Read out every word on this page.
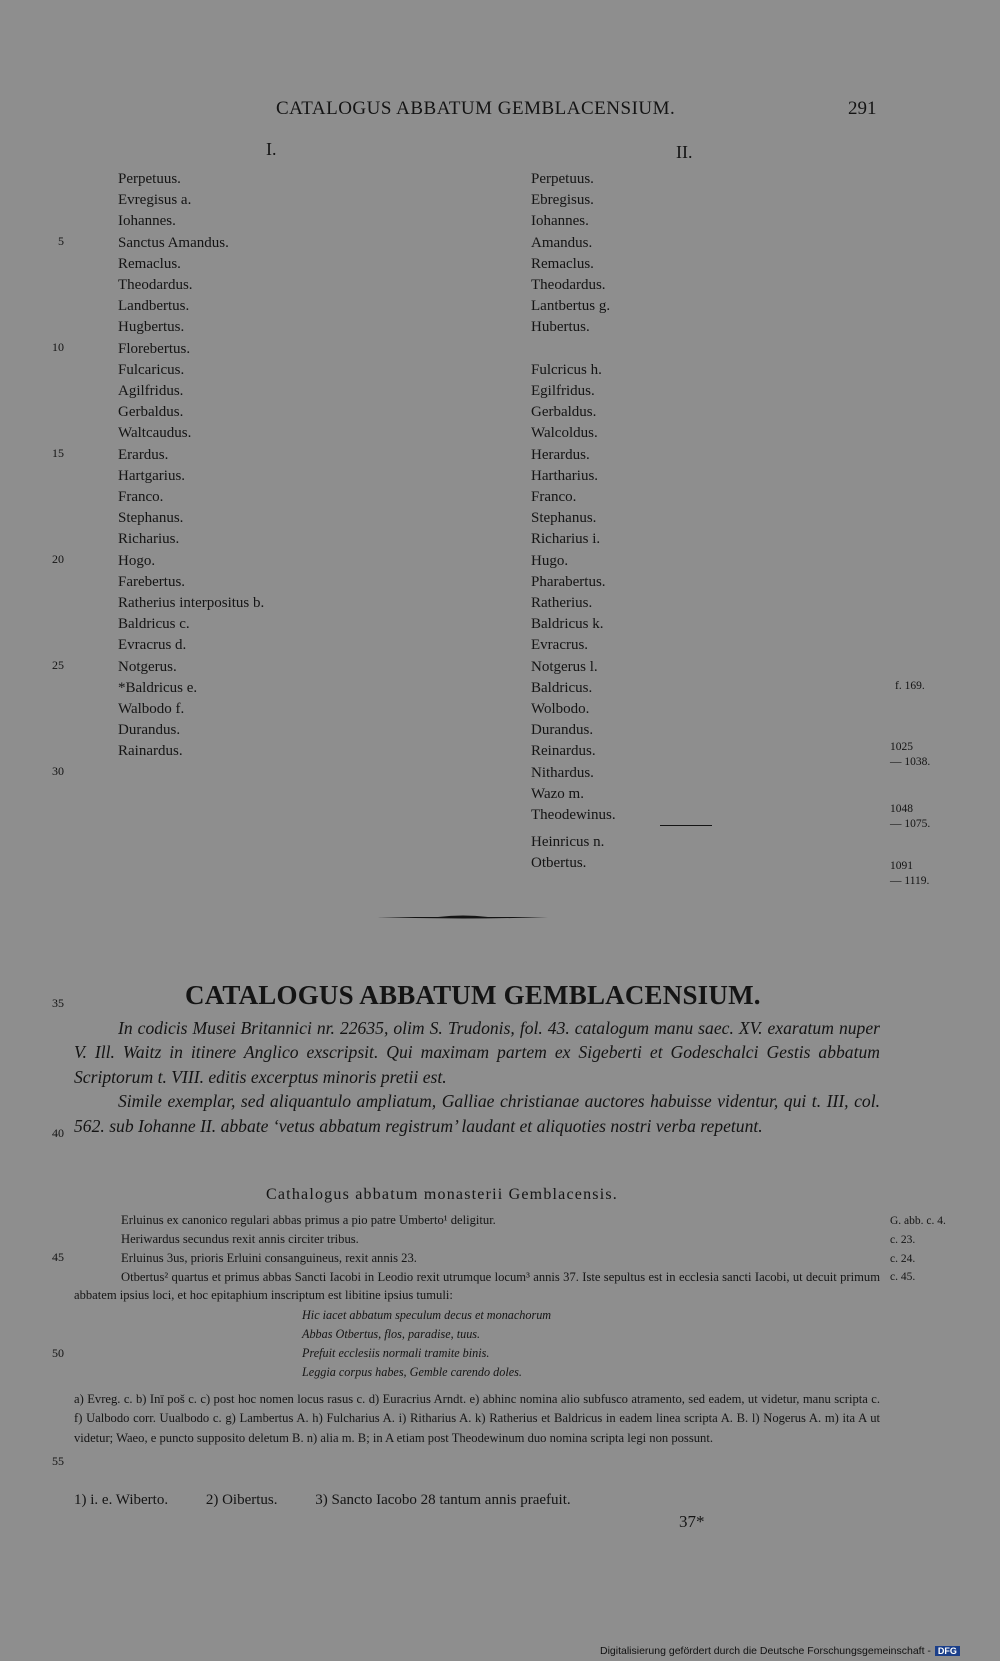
CATALOGUS ABBATUM GEMBLACENSIUM.	291
I.	II.
5
10
15
20
25
30
35
40
45
50
55
f. 169.
1025
— 1038.
1048
— 1075.
1091
— 1119.
CATALOGUS ABBATUM GEMBLACENSIUM.

In codicis Musei Britannici nr. 22635, olim S. Trudonis, fol. 43. catalogum manu saec. XV. exaratum nuper V. Ill. Waitz in itinere Anglico exscripsit. Qui maximam partem ex Sigeberti et Godeschalci Gestis abbatum Scriptorum t. VIII. editis excerptus minoris pretii est.

Simile exemplar, sed aliquantulo ampliatum, Galliae christianae auctores habuisse videntur, qui t. III, col. 562. sub Iohanne II. abbate ‘vetus abbatum registrum’ laudant et aliquoties nostri verba repetunt.

Cathalogus abbatum monasterii Gemblacensis.
Erluinus ex canonico regulari abbas primus a pio patre Umberto¹ deligitur.
Heriwardus secundus rexit annis circiter tribus.
Erluinus 3us, prioris Erluini consanguineus, rexit annis 23.
Otbertus² quartus et primus abbas Sancti Iacobi in Leodio rexit utrumque locum³ annis 37. Iste sepultus est in ecclesia sancti Iacobi, ut decuit primum abbatem ipsius loci, et hoc epitaphium inscriptum est libitine ipsius tumuli:
Hic iacet abbatum speculum decus et monachorum
Abbas Otbertus, flos, paradise, tuus.
Prefuit ecclesiis normali tramite binis.
Leggia corpus habes, Gemble carendo doles.
G. abb. c. 4.
c. 23.
c. 24.
c. 45.
a) Evreg. c. b) Inī poš c. c) post hoc nomen locus rasus c. d) Euracrius Arndt. e) abhinc nomina alio subfusco atramento, sed eadem, ut videtur, manu scripta c. f) Ualbodo corr. Uualbodo c. g) Lambertus A. h) Fulcharius A. i) Ritharius A. k) Ratherius et Baldricus in eadem linea scripta A. B. l) Nogerus A. m) ita A ut videtur; Waeo, e puncto supposito deletum B. n) alia m. B; in A etiam post Theodewinum duo nomina scripta legi non possunt.
1) i. e. Wiberto.	2) Oibertus.	3) Sancto Iacobo 28 tantum annis praefuit.
37*
Digitalisierung gefördert durch die Deutsche Forschungsgemeinschaft - DFG
Perpetuus.
Evregisus a.
Iohannes.
Sanctus Amandus.
Remaclus.
Theodardus.
Landbertus.
Hugbertus.
Florebertus.
Fulcaricus.
Agilfridus.
Gerbaldus.
Waltcaudus.
Erardus.
Hartgarius.
Franco.
Stephanus.
Richarius.
Hogo.
Farebertus.
Ratherius interpositus b.
Baldricus c.
Evracrus d.
Notgerus.
*Baldricus e.
Walbodo f.
Durandus.
Rainardus.
Perpetuus.
Ebregisus.
Iohannes.
Amandus.
Remaclus.
Theodardus.
Lantbertus g.
Hubertus.
Fulcricus h.
Egilfridus.
Gerbaldus.
Walcoldus.
Herardus.
Hartharius.
Franco.
Stephanus.
Richarius i.
Hugo.
Pharabertus.
Ratherius.
Baldricus k.
Evracrus.
Notgerus l.
Baldricus.
Wolbodo.
Durandus.
Reinardus.
Nithardus.
Wazo m.
Theodewinus.
Heinricus n.
Otbertus.
